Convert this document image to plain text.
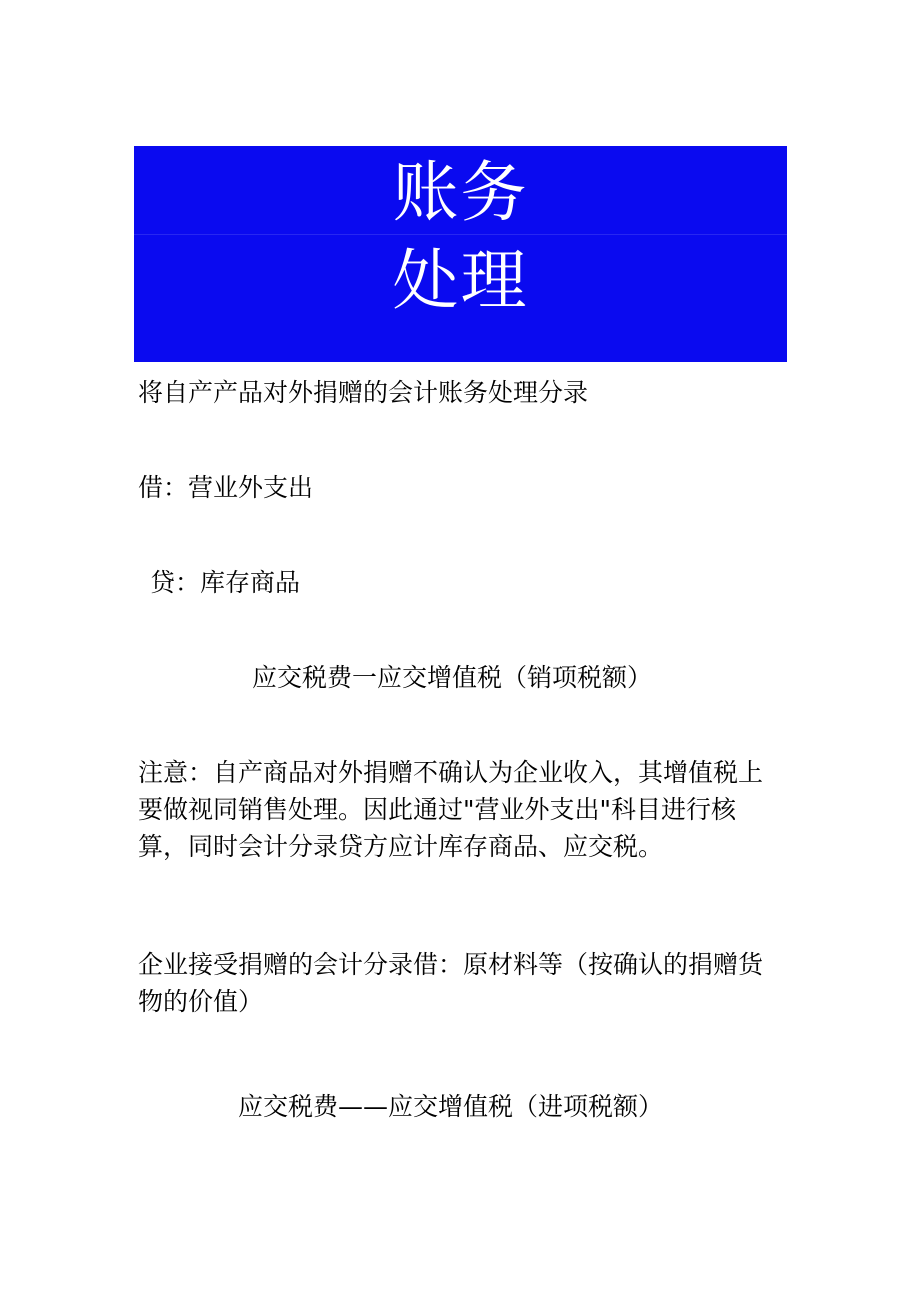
账务
处理
将自产产品对外捐赠的会计账务处理分录
借：营业外支出
贷：库存商品
应交税费一应交增值税（销项税额）
注意：自产商品对外捐赠不确认为企业收入，其增值税上要做视同销售处理。因此通过"营业外支出"科目进行核算，同时会计分录贷方应计库存商品、应交税。
企业接受捐赠的会计分录借：原材料等（按确认的捐赠货物的价值）
应交税费——应交增值税（进项税额）
